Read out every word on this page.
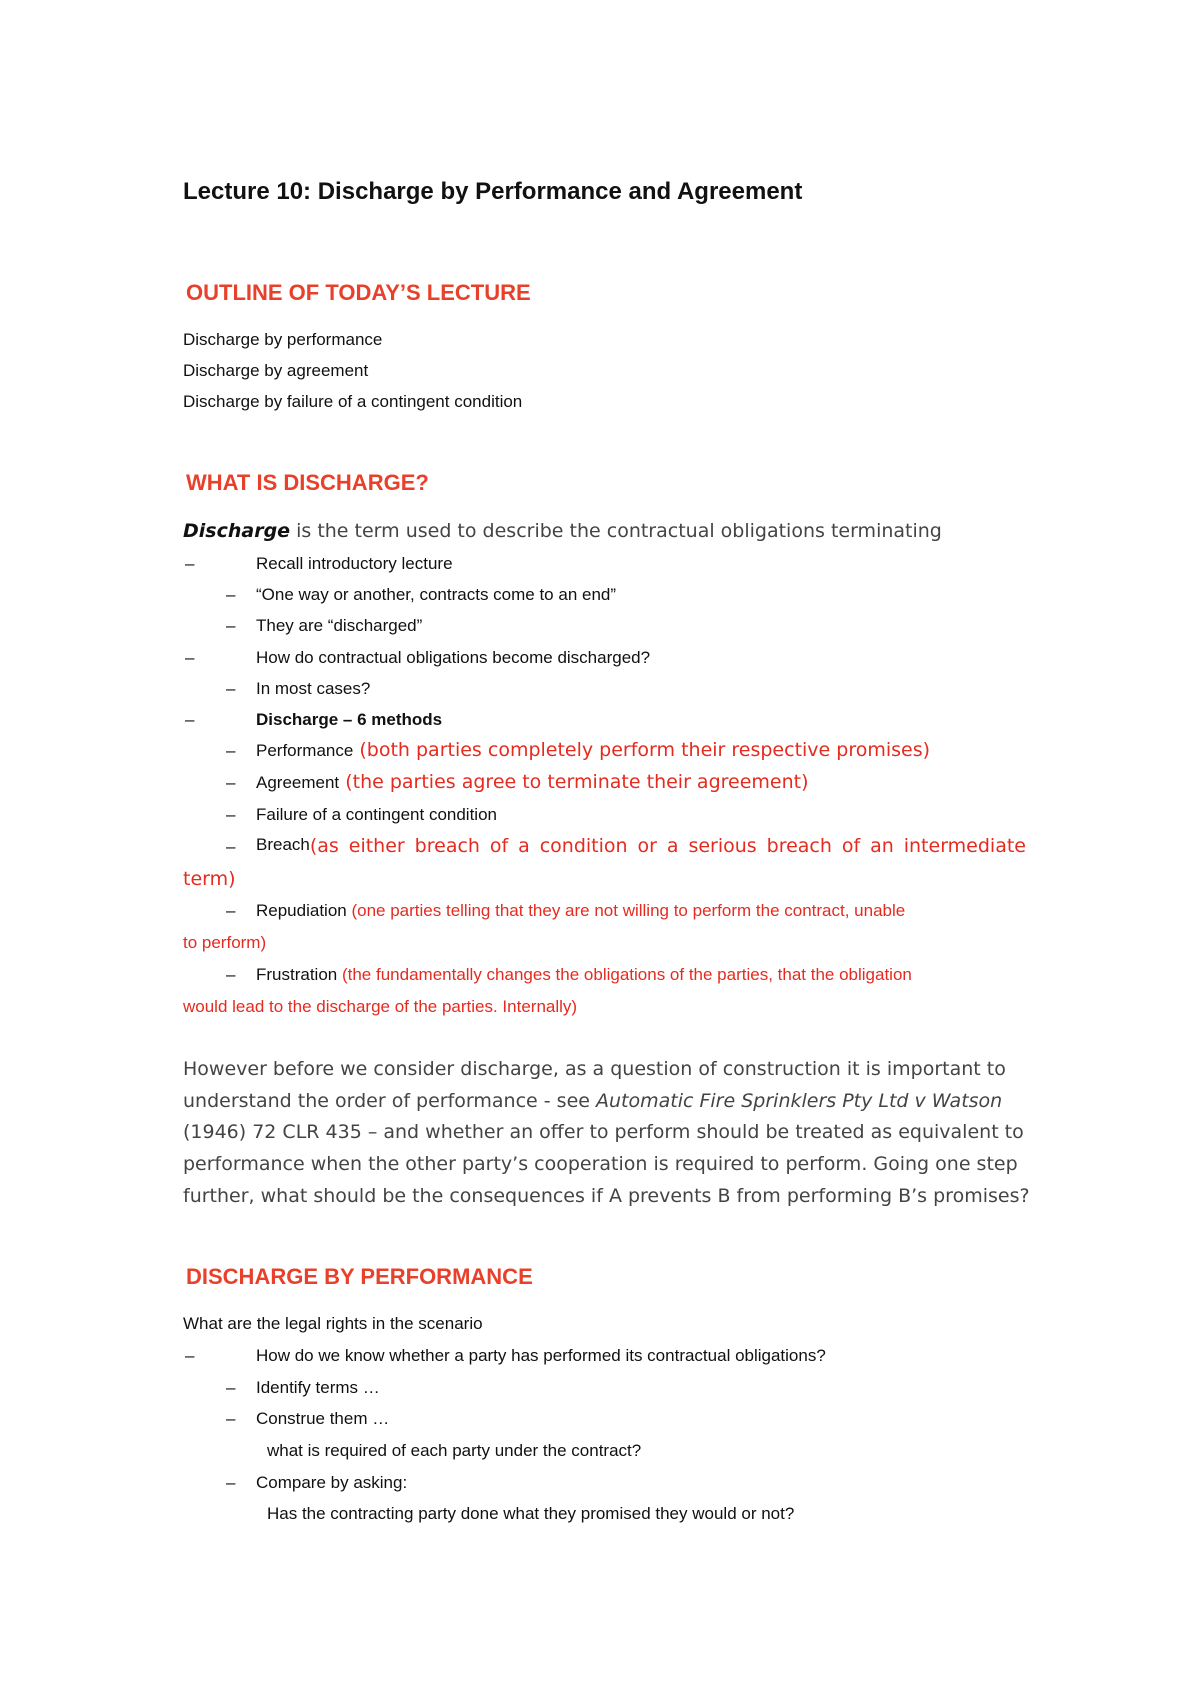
Lecture 10: Discharge by Performance and Agreement
OUTLINE OF TODAY’S LECTURE
Discharge by performance
Discharge by agreement
Discharge by failure of a contingent condition
WHAT IS DISCHARGE?
Discharge is the term used to describe the contractual obligations terminating
–	Recall introductory lecture
– “One way or another, contracts come to an end”
– They are “discharged”
–	How do contractual obligations become discharged?
– In most cases?
–	Discharge – 6 methods
– Performance (both parties completely perform their respective promises)
– Agreement (the parties agree to terminate their agreement)
– Failure of a contingent condition
– Breach (as either breach of a condition or a serious breach of an intermediate
term)
– Repudiation (one parties telling that they are not willing to perform the contract, unable
to perform)
– Frustration (the fundamentally changes the obligations of the parties, that the obligation
would lead to the discharge of the parties. Internally)
However before we consider discharge, as a question of construction it is important to
understand the order of performance - see Automatic Fire Sprinklers Pty Ltd v Watson
(1946) 72 CLR 435 – and whether an offer to perform should be treated as equivalent to
performance when the other party’s cooperation is required to perform. Going one step
further, what should be the consequences if A prevents B from performing B’s promises?
DISCHARGE BY PERFORMANCE
What are the legal rights in the scenario
–	How do we know whether a party has performed its contractual obligations?
– Identify terms …
– Construe them …
what is required of each party under the contract?
– Compare by asking:
Has the contracting party done what they promised they would or not?
